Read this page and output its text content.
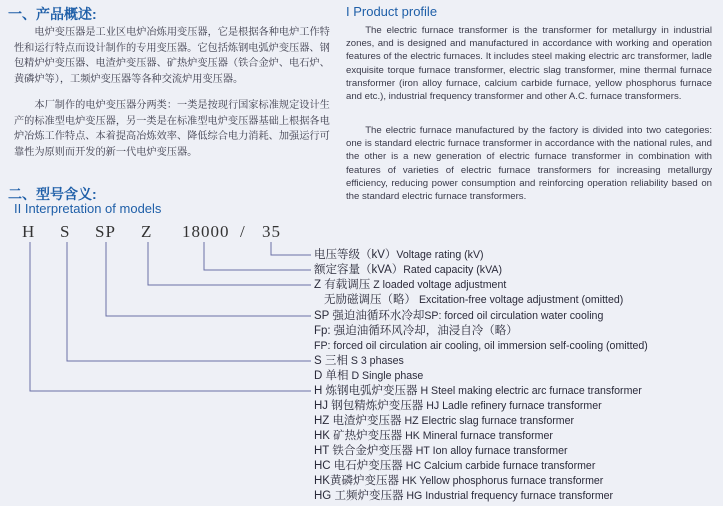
一、产品概述:
电炉变压器是工业区电炉冶炼用变压器，它是根据各种电炉工作特性和运行特点而设计制作的专用变压器。它包括炼钢电弧炉变压器、钢包精炉炉变压器、电渣炉变压器、矿热炉变压器（铁合金炉、电石炉、黄磷炉等），工频炉变压器等各种交流炉用变压器。
本厂制作的电炉变压器分两类：一类是按现行国家标准规定设计生产的标准型电炉变压器，另一类是在标准型电炉变压器基础上根据各电炉冶炼工作特点、本着提高冶炼效率、降低综合电力消耗、加强运行可靠性为原则而开发的新一代电炉变压器。
I Product profile
The electric furnace transformer is the transformer for metallurgy in industrial zones, and is designed and manufactured in accordance with working and operation features of the electric furnaces. It includes steel making electric arc transformer, ladle exquisite torque furnace transformer, electric slag transformer, mine thermal furnace transformer (iron alloy furnace, calcium carbide furnace, yellow phosphorus furnace and etc.), industrial frequency transformer and other A.C. furnace transformers.
The electric furnace manufactured by the factory is divided into two categories: one is standard electric furnace transformer in accordance with the national rules, and the other is a new generation of electric furnace transformer in combination with features of varieties of electric furnace transformers for increasing metallurgy efficiency, reducing power consumption and reinforcing operation reliability based on the standard electric furnace transformers.
二、型号含义:
II Interpretation of models
H S SP Z 18000 / 35
电压等级（kV）Voltage rating (kV)
额定容量（kVA）Rated capacity (kVA)
Z 有载调压 Z loaded voltage adjustment
无励磁调压（略） Excitation-free voltage adjustment (omitted)
SP 强迫油循环水冷却SP: forced oil circulation water cooling
Fp: 强迫油循环风冷却，油浸自冷（略）
FP: forced oil circulation air cooling, oil immersion self-cooling (omitted)
S 三相 S 3 phases
D 单相 D Single phase
H 炼钢电弧炉变压器 H Steel making electric arc furnace transformer
HJ 钢包精炼炉变压器 HJ Ladle refinery furnace transformer
HZ 电渣炉变压器 HZ Electric slag furnace transformer
HK 矿热炉变压器 HK Mineral furnace transformer
HT 铁合金炉变压器 HT Ion alloy furnace transformer
HC 电石炉变压器 HC Calcium carbide furnace transformer
HK黄磷炉变压器 HK Yellow phosphorus furnace transformer
HG 工频炉变压器 HG Industrial frequency furnace transformer
